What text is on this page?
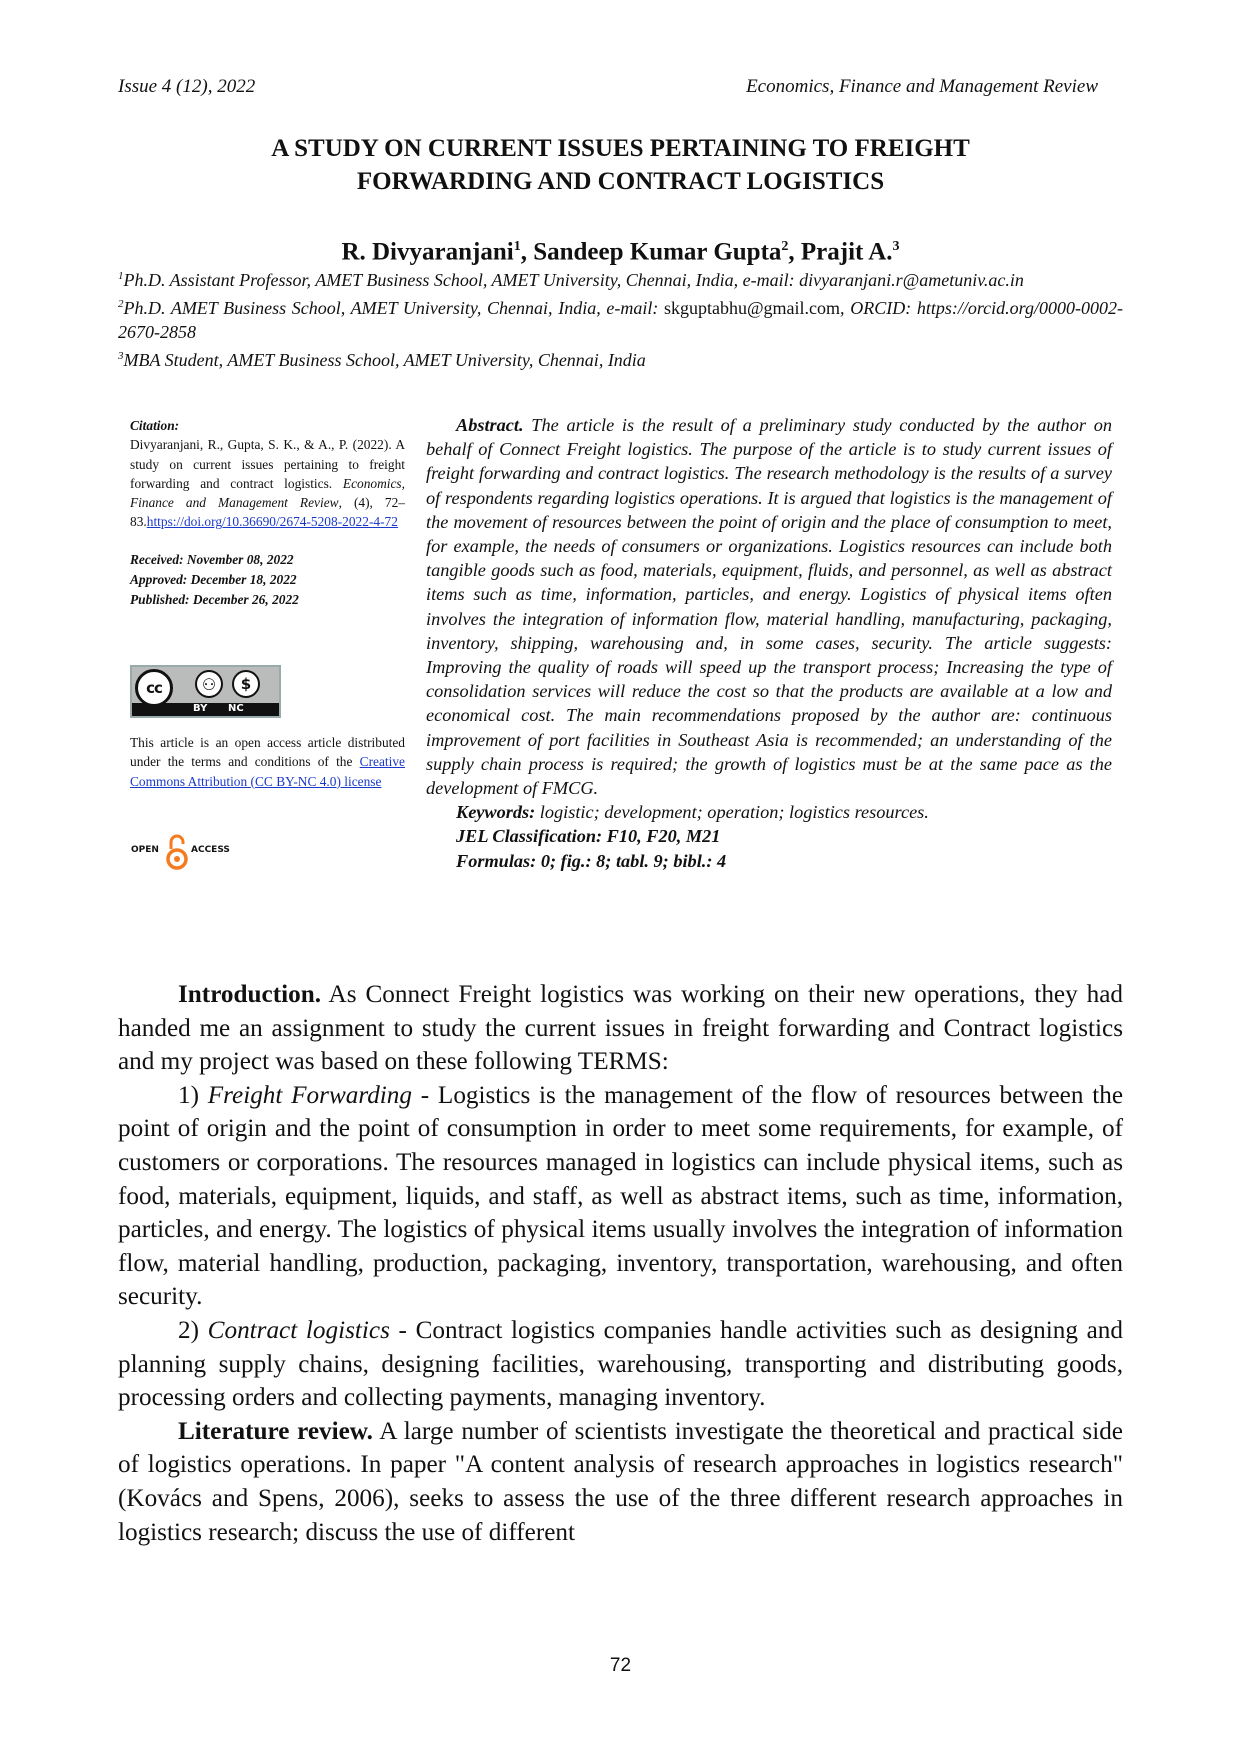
Issue 4 (12), 2022	Economics, Finance and Management Review
A STUDY ON CURRENT ISSUES PERTAINING TO FREIGHT
FORWARDING AND CONTRACT LOGISTICS
R. Divyaranjani$^1$, Sandeep Kumar Gupta$^2$, Prajit A.$^3$

$^1$Ph.D. Assistant Professor, AMET Business School, AMET University, Chennai, India, e-mail: divyaranjani.r@ametuniv.ac.in

$^2$Ph.D. AMET Business School, AMET University, Chennai, India, e-mail: skguptabhu@gmail.com, ORCID: https://orcid.org/0000-0002-2670-2858

$^3$MBA Student, AMET Business School, AMET University, Chennai, India

Citation:

Divyaranjani, R., Gupta, S. K., & A., P. (2022). A study on current issues pertaining to freight forwarding and contract logistics. Economics, Finance and Management Review, (4), 72–83.https://doi.org/10.36690/2674-5208-2022-4-72

Received: November 08, 2022
Approved: December 18, 2022
Published: December 26, 2022
cc	⚇	$
BY NC
This article is an open access article distributed under the terms and conditions of the Creative Commons Attribution (CC BY-NC 4.0) license
OPEN	ACCESS

Abstract. The article is the result of a preliminary study conducted by the author on behalf of Connect Freight logistics. The purpose of the article is to study current issues of freight forwarding and contract logistics. The research methodology is the results of a survey of respondents regarding logistics operations. It is argued that logistics is the management of the movement of resources between the point of origin and the place of consumption to meet, for example, the needs of consumers or organizations. Logistics resources can include both tangible goods such as food, materials, equipment, fluids, and personnel, as well as abstract items such as time, information, particles, and energy. Logistics of physical items often involves the integration of information flow, material handling, manufacturing, packaging, inventory, shipping, warehousing and, in some cases, security. The article suggests: Improving the quality of roads will speed up the transport process; Increasing the type of consolidation services will reduce the cost so that the products are available at a low and economical cost. The main recommendations proposed by the author are: continuous improvement of port facilities in Southeast Asia is recommended; an understanding of the supply chain process is required; the growth of logistics must be at the same pace as the development of FMCG.

Keywords: logistic; development; operation; logistics resources.

JEL Classification: F10, F20, M21

Formulas: 0; fig.: 8; tabl. 9; bibl.: 4

Introduction. As Connect Freight logistics was working on their new operations, they had handed me an assignment to study the current issues in freight forwarding and Contract logistics and my project was based on these following TERMS:

1) Freight Forwarding - Logistics is the management of the flow of resources between the point of origin and the point of consumption in order to meet some requirements, for example, of customers or corporations. The resources managed in logistics can include physical items, such as food, materials, equipment, liquids, and staff, as well as abstract items, such as time, information, particles, and energy. The logistics of physical items usually involves the integration of information flow, material handling, production, packaging, inventory, transportation, warehousing, and often security.

2) Contract logistics - Contract logistics companies handle activities such as designing and planning supply chains, designing facilities, warehousing, transporting and distributing goods, processing orders and collecting payments, managing inventory.

Literature review. A large number of scientists investigate the theoretical and practical side of logistics operations. In paper "A content analysis of research approaches in logistics research" (Kovács and Spens, 2006), seeks to assess the use of the three different research approaches in logistics research; discuss the use of different

72
